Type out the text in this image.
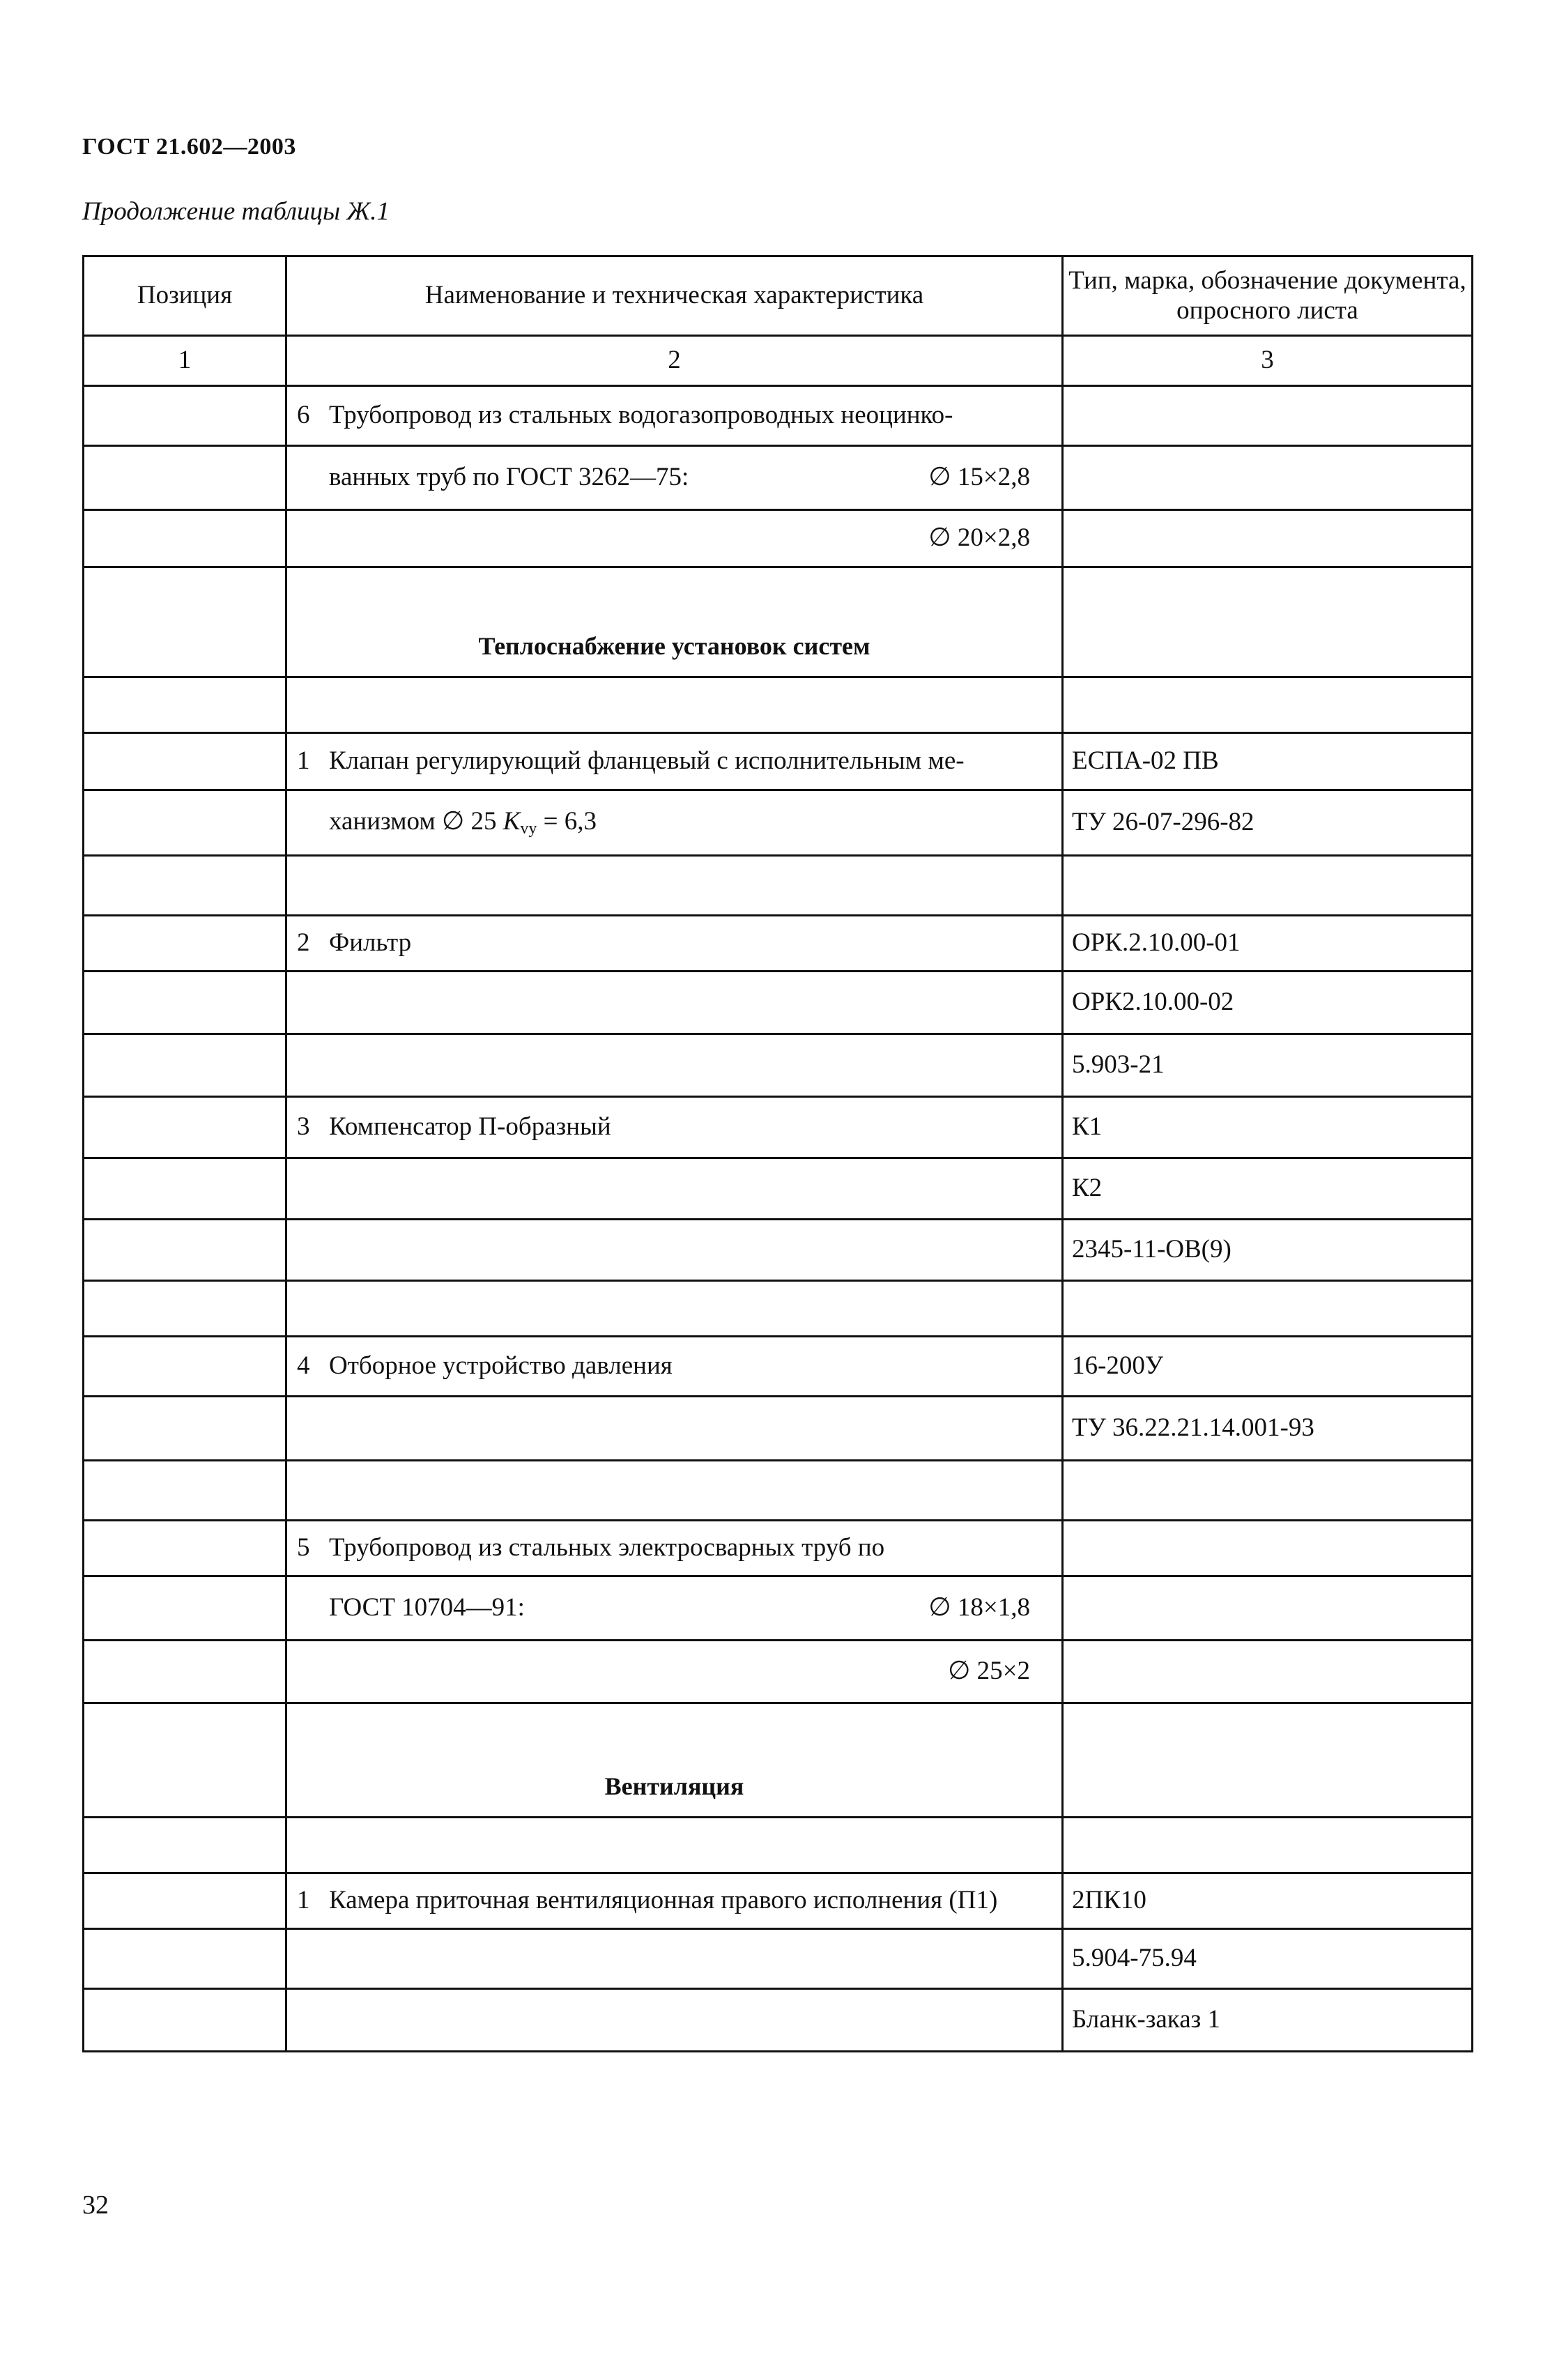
ГОСТ 21.602—2003
Продолжение таблицы Ж.1
Позиция	Наименование и техническая характеристика	Тип, марка, обозначение документа, опросного листа
1	2	3

	6 Трубопровод из стальных водогазопроводных неоцинко-	

	ванных труб по ГОСТ 3262—75: ∅ 15×2,8	

	∅ 20×2,8	
	Теплоснабжение установок систем	

	1 Клапан регулирующий фланцевый с исполнительным ме-	ЕСПА-02 ПВ

	ханизмом ∅ 25 $K_{vy} = 6,3$	ТУ 26-07-296-82

	2 Фильтр	ОРК.2.10.00-01
		ОРК2.10.00-02
		5.903-21

	3 Компенсатор П-образный	К1
		К2
		2345-11-ОВ(9)

	4 Отборное устройство давления	16-200У
		ТУ 36.22.21.14.001-93

	5 Трубопровод из стальных электросварных труб по	

	ГОСТ 10704—91: ∅ 18×1,8	

	∅ 25×2	
	Вентиляция	

	1 Камера приточная вентиляционная правого исполнения (П1)	2ПК10
		5.904-75.94
		Бланк-заказ 1
32
